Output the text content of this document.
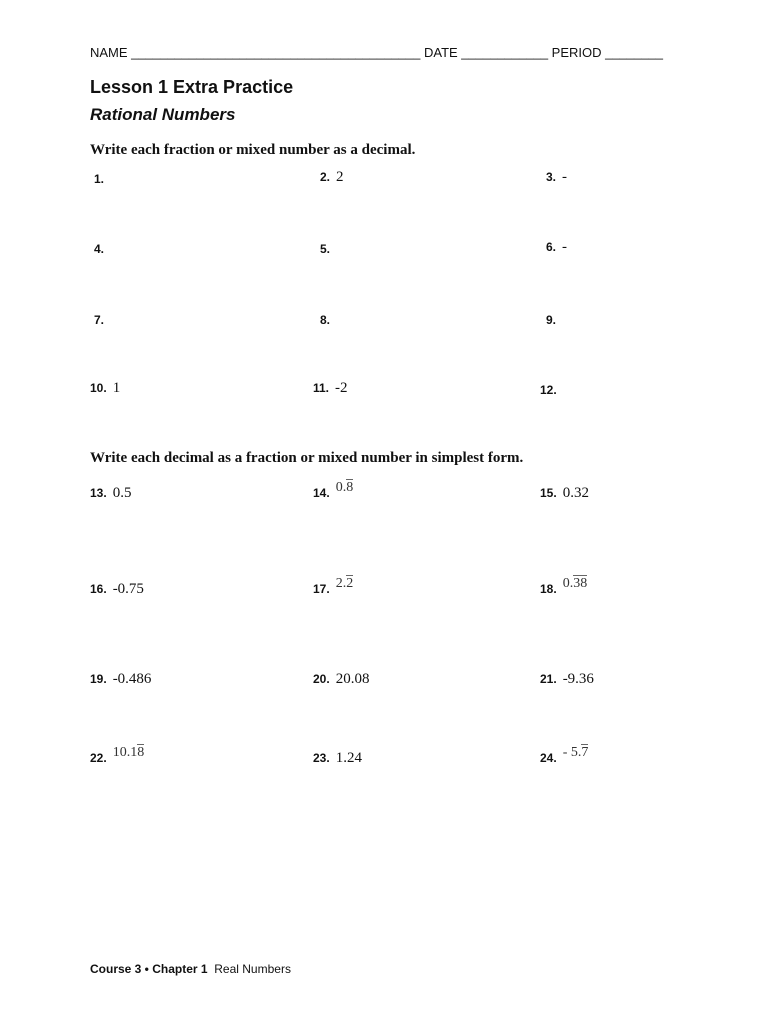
NAME ________________________________________ DATE ____________ PERIOD ________
Lesson 1 Extra Practice
Rational Numbers
Write each fraction or mixed number as a decimal.
1.	2. 2	3. -
4.	5.	6. -
7.	8.	9.
10. 1	11. -2	12.
Write each decimal as a fraction or mixed number in simplest form.
13. 0.5	14. 0.8	15. 0.32
16. -0.75	17. 2.2	18. 0.38
19. -0.486	20. 20.08	21. -9.36
22. 10.18	23. 1.24	24. - 5.7
Course 3 • Chapter 1 Real Numbers
